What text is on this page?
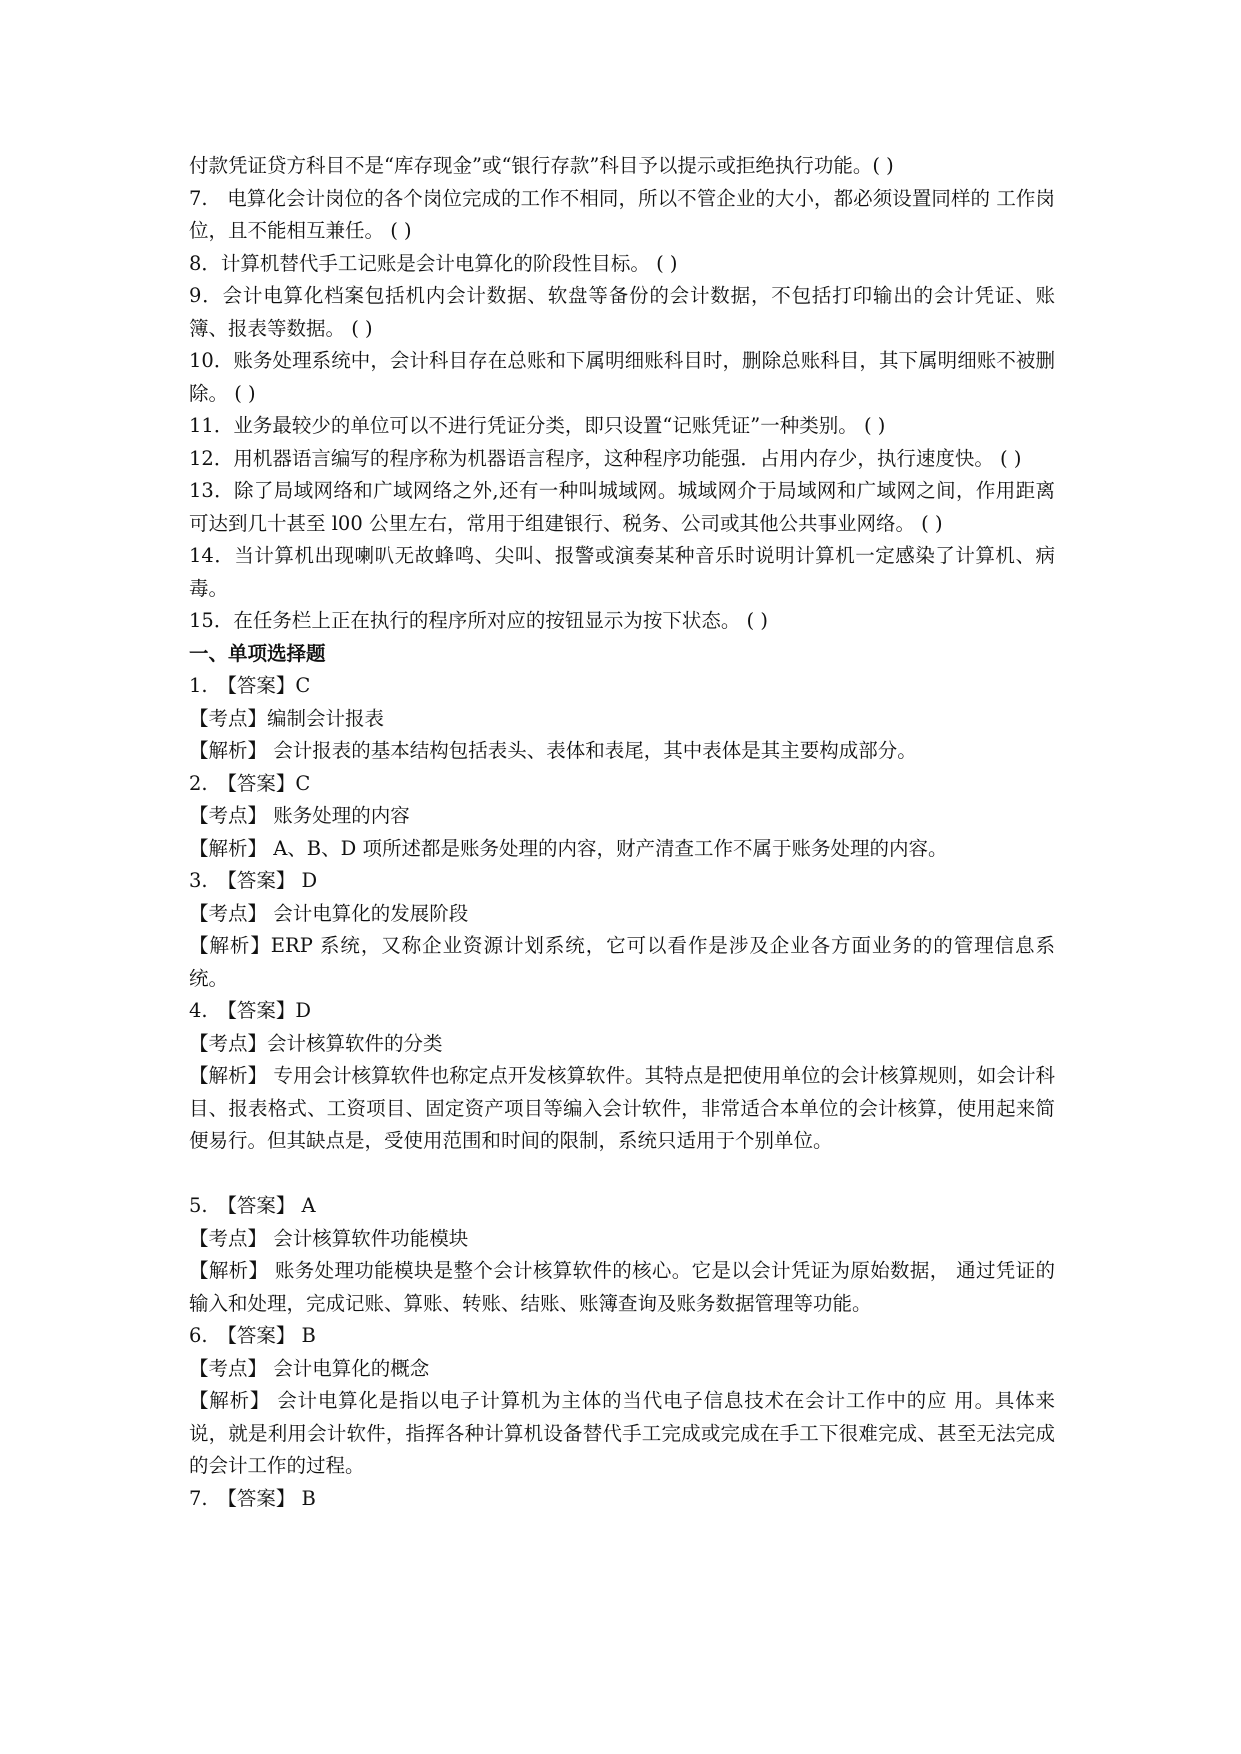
付款凭证贷方科目不是“库存现金”或“银行存款”科目予以提示或拒绝执行功能。( )

7.　电算化会计岗位的各个岗位完成的工作不相同，所以不管企业的大小，都必须设置同样的 工作岗位，且不能相互兼任。 ( )

8．计算机替代手工记账是会计电算化的阶段性目标。 ( )

9．会计电算化档案包括机内会计数据、软盘等备份的会计数据，不包括打印输出的会计凭证、账簿、报表等数据。 ( )

10．账务处理系统中，会计科目存在总账和下属明细账科目时，删除总账科目，其下属明细账不被删除。 ( )

11．业务最较少的单位可以不进行凭证分类，即只设置“记账凭证”一种类别。 ( )

12．用机器语言编写的程序称为机器语言程序，这种程序功能强．占用内存少，执行速度快。 ( )

13．除了局域网络和广域网络之外,还有一种叫城域网。城域网介于局域网和广域网之间，作用距离可达到几十甚至 l00 公里左右，常用于组建银行、税务、公司或其他公共事业网络。 ( )

14．当计算机出现喇叭无故蜂鸣、尖叫、报警或演奏某种音乐时说明计算机一定感染了计算机、病毒。

15．在任务栏上正在执行的程序所对应的按钮显示为按下状态。 ( )

一、单项选择题

1.　【答案】C

【考点】编制会计报表

【解析】 会计报表的基本结构包括表头、表体和表尾，其中表体是其主要构成部分。

2.　【答案】C

【考点】 账务处理的内容

【解析】 A、B、D 项所述都是账务处理的内容，财产清查工作不属于账务处理的内容。

3.　【答案】 D

【考点】 会计电算化的发展阶段

【解析】ERP 系统，又称企业资源计划系统，它可以看作是涉及企业各方面业务的的管理信息系统。

4.　【答案】D

【考点】会计核算软件的分类

【解析】 专用会计核算软件也称定点开发核算软件。其特点是把使用单位的会计核算规则，如会计科目、报表格式、工资项目、固定资产项目等编入会计软件，非常适合本单位的会计核算，使用起来简便易行。但其缺点是，受使用范围和时间的限制，系统只适用于个别单位。

5.　【答案】 A

【考点】 会计核算软件功能模块

【解析】 账务处理功能模块是整个会计核算软件的核心。它是以会计凭证为原始数据， 通过凭证的输入和处理，完成记账、算账、转账、结账、账簿查询及账务数据管理等功能。

6.　【答案】 B

【考点】 会计电算化的概念

【解析】 会计电算化是指以电子计算机为主体的当代电子信息技术在会计工作中的应 用。具体来说，就是利用会计软件，指挥各种计算机设备替代手工完成或完成在手工下很难完成、甚至无法完成的会计工作的过程。

7.　【答案】 B
